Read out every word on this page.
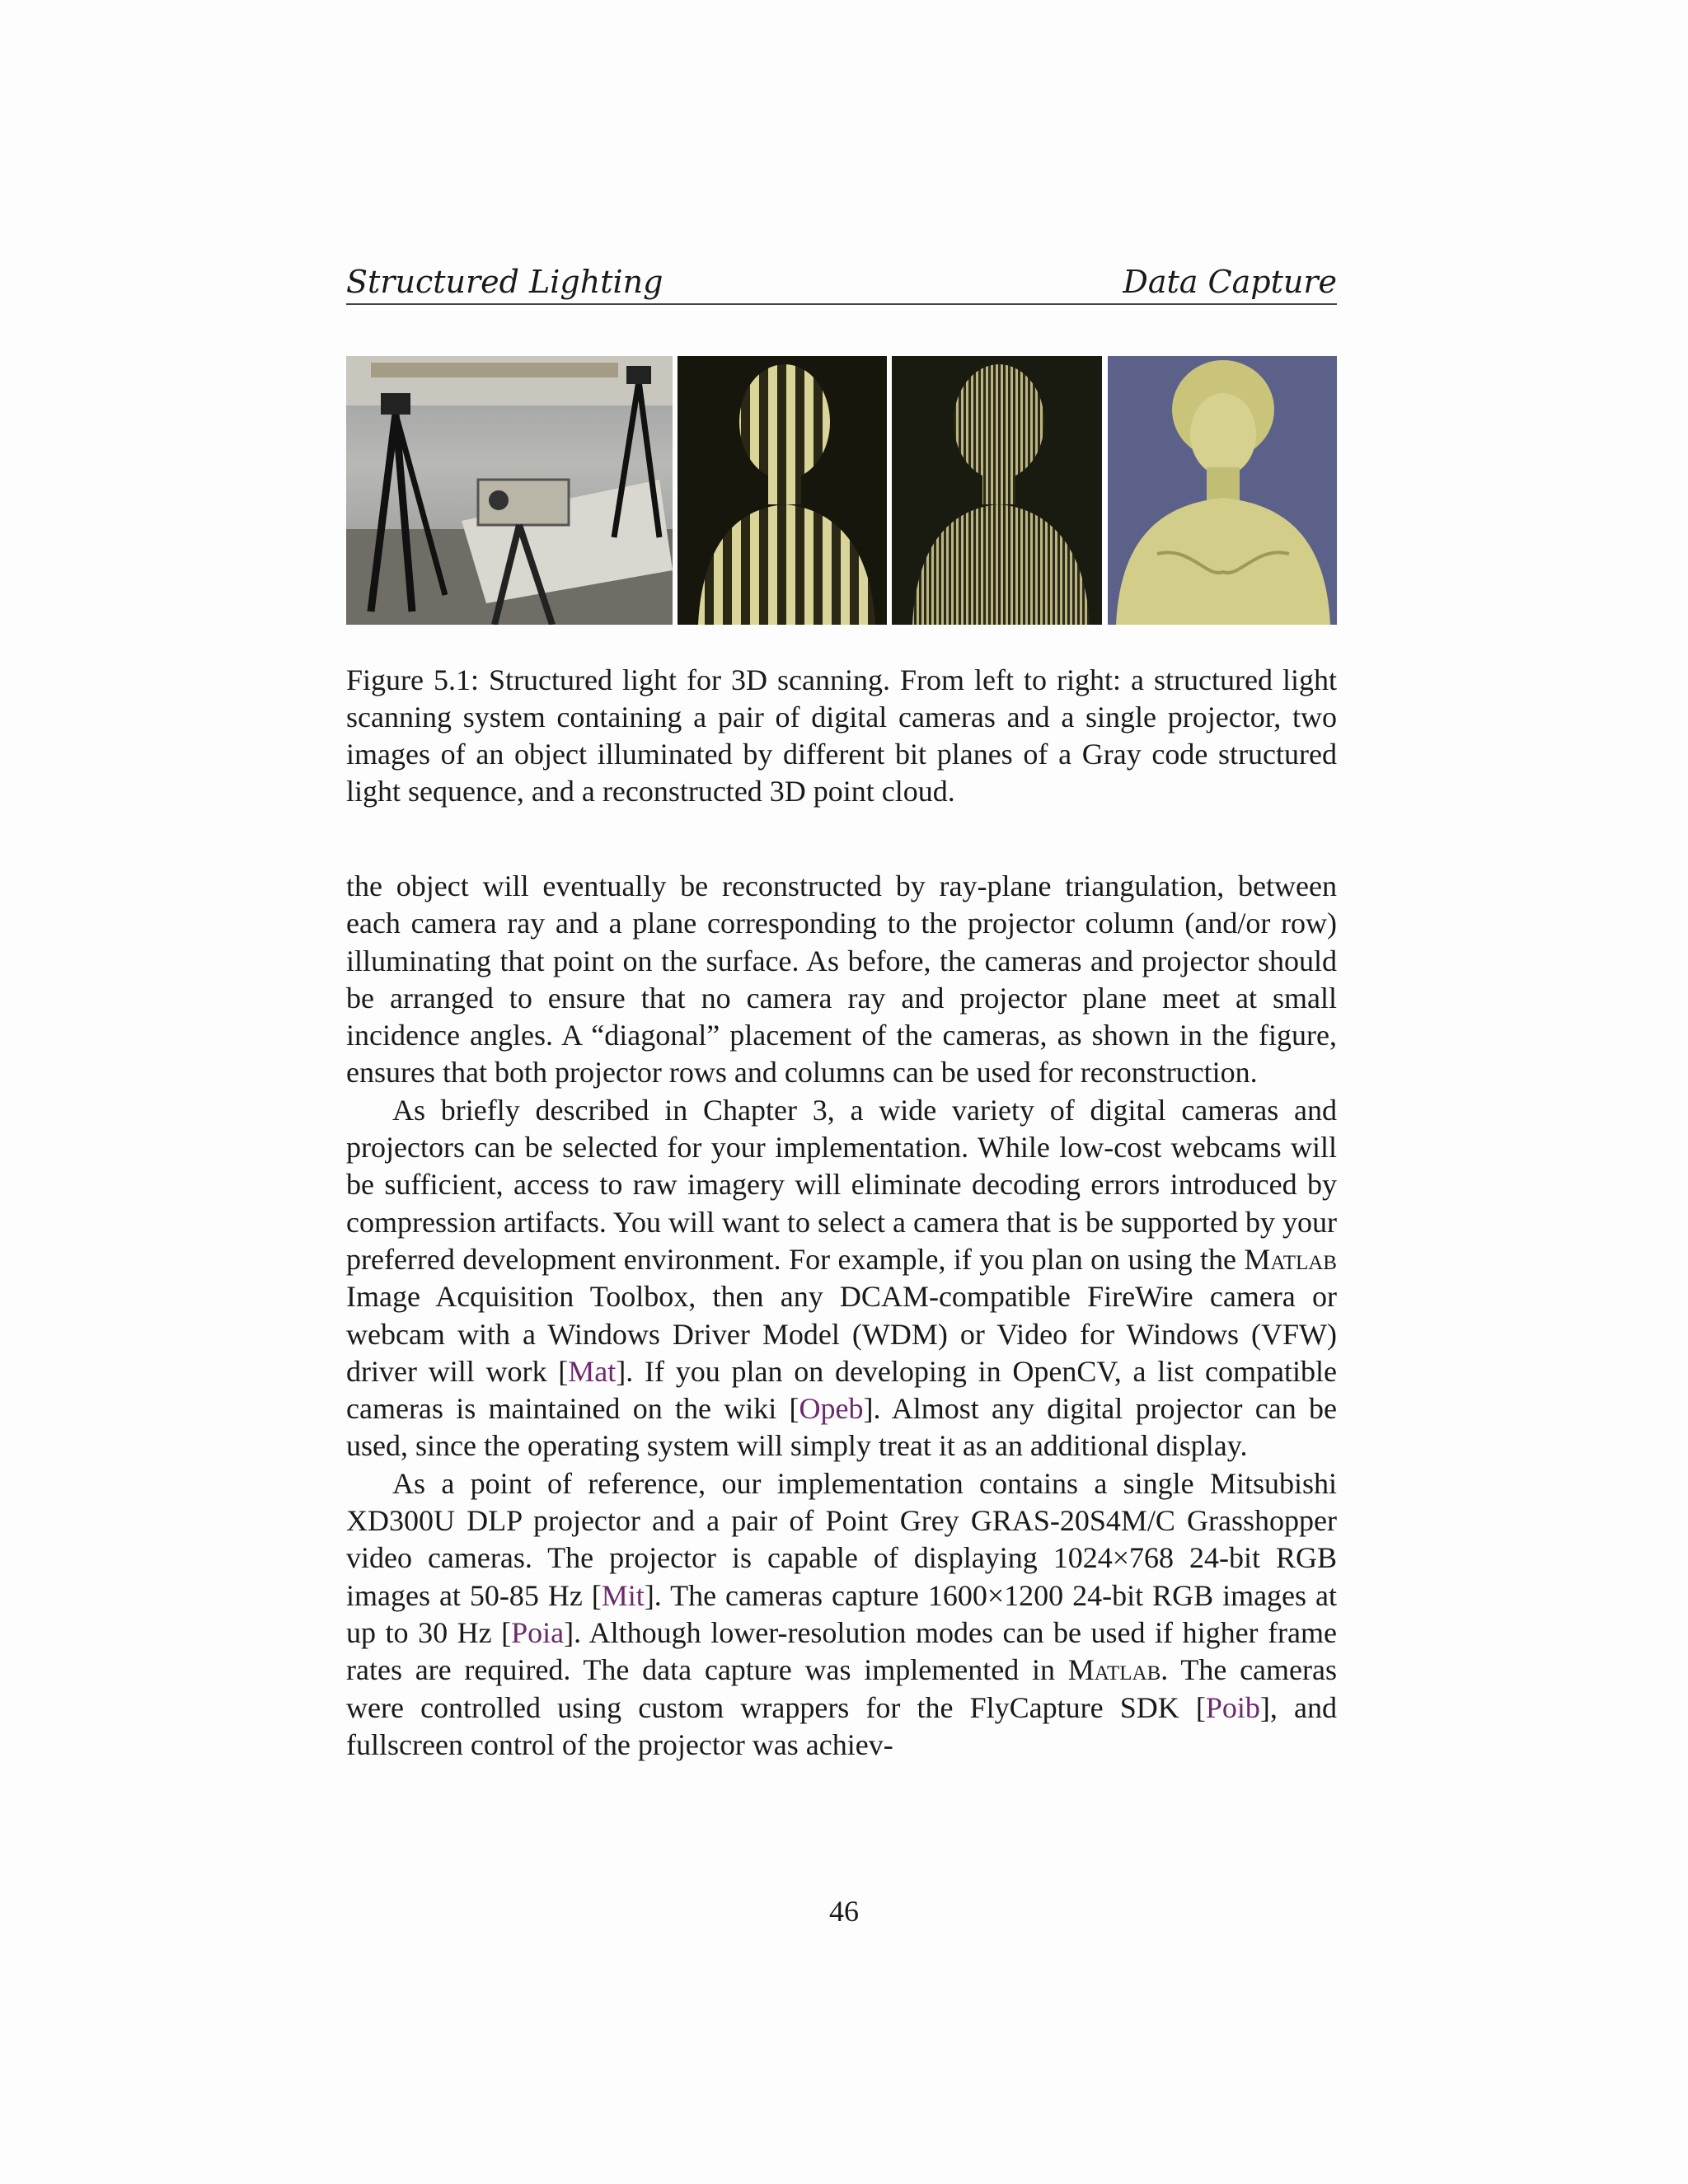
Structured Lighting	Data Capture
Figure 5.1: Structured light for 3D scanning. From left to right: a structured light scanning system containing a pair of digital cameras and a single projector, two images of an object illuminated by different bit planes of a Gray code structured light sequence, and a reconstructed 3D point cloud.

the object will eventually be reconstructed by ray-plane triangulation, between each camera ray and a plane corresponding to the projector column (and/or row) illuminating that point on the surface. As before, the cameras and projector should be arranged to ensure that no camera ray and projector plane meet at small incidence angles. A “diagonal” placement of the cameras, as shown in the figure, ensures that both projector rows and columns can be used for reconstruction.

As briefly described in Chapter 3, a wide variety of digital cameras and projectors can be selected for your implementation. While low-cost webcams will be sufficient, access to raw imagery will eliminate decoding errors introduced by compression artifacts. You will want to select a camera that is be supported by your preferred development environment. For example, if you plan on using the Matlab Image Acquisition Toolbox, then any DCAM-compatible FireWire camera or webcam with a Windows Driver Model (WDM) or Video for Windows (VFW) driver will work [Mat]. If you plan on developing in OpenCV, a list compatible cameras is maintained on the wiki [Opeb]. Almost any digital projector can be used, since the operating system will simply treat it as an additional display.

As a point of reference, our implementation contains a single Mitsubishi XD300U DLP projector and a pair of Point Grey GRAS-20S4M/C Grasshopper video cameras. The projector is capable of displaying 1024×768 24-bit RGB images at 50-85 Hz [Mit]. The cameras capture 1600×1200 24-bit RGB images at up to 30 Hz [Poia]. Although lower-resolution modes can be used if higher frame rates are required. The data capture was implemented in Matlab. The cameras were controlled using custom wrappers for the FlyCapture SDK [Poib], and fullscreen control of the projector was achiev-

46
